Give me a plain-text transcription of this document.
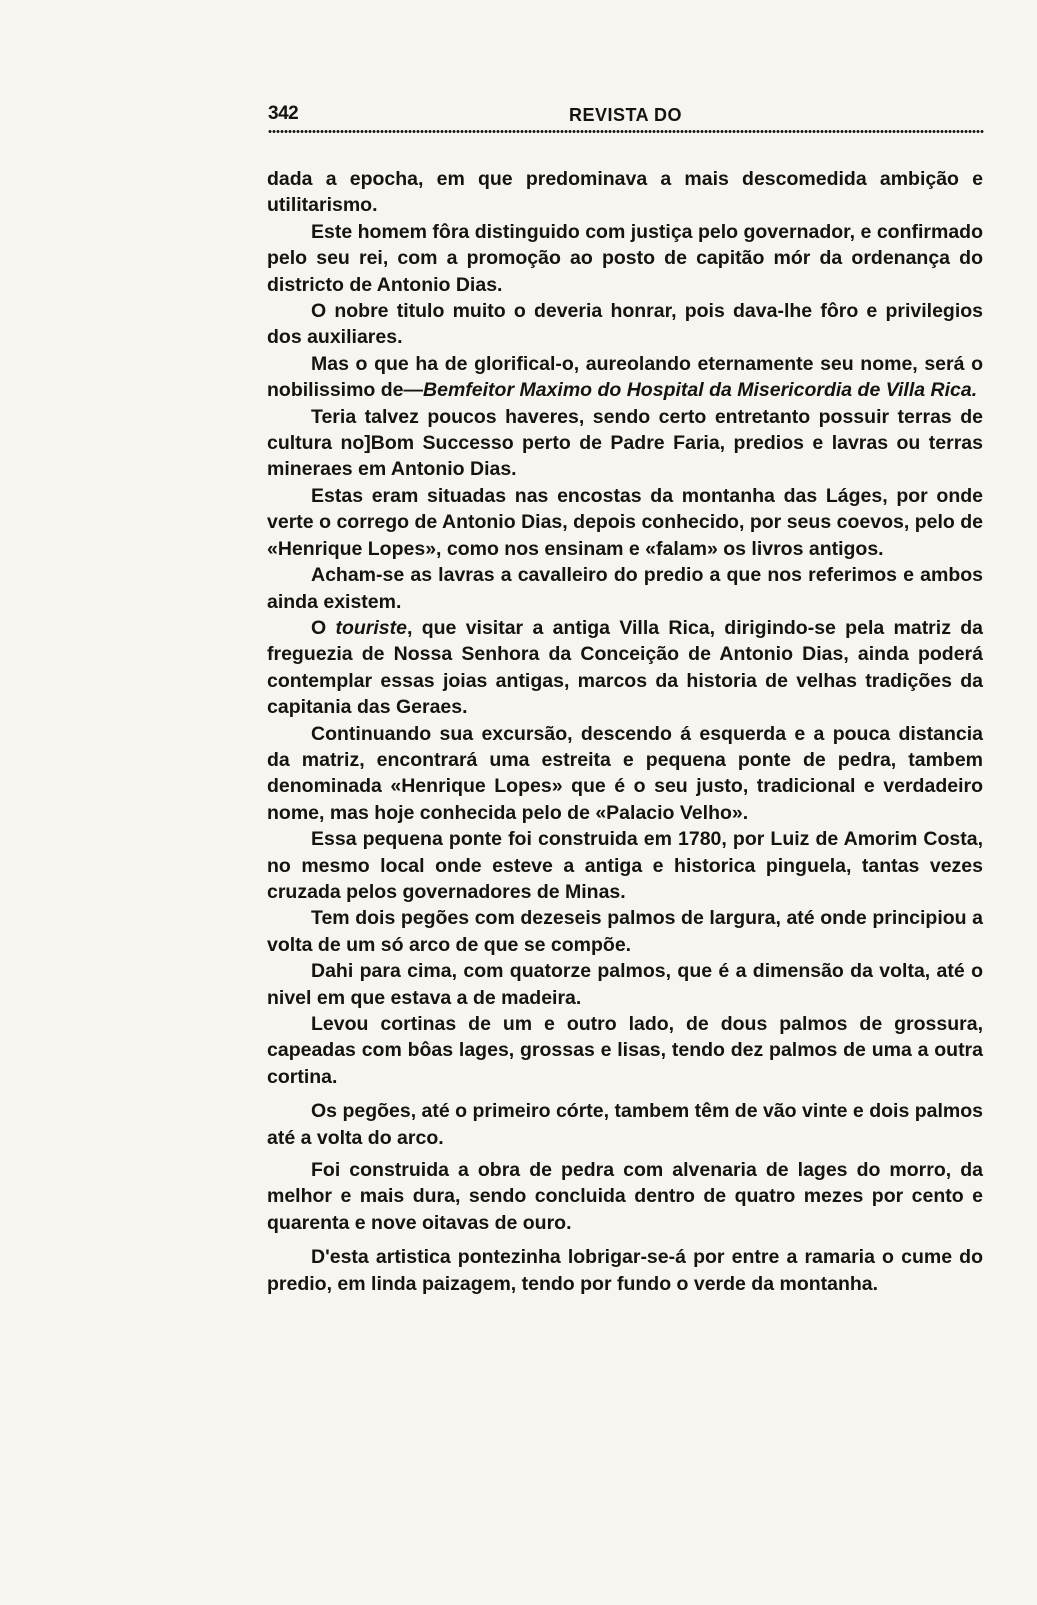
342	REVISTA DO

dada a epocha, em que predominava a mais descomedida ambição e utilitarismo.

Este homem fôra distinguido com justiça pelo governador, e confirmado pelo seu rei, com a promoção ao posto de capitão mór da ordenança do districto de Antonio Dias.

O nobre titulo muito o deveria honrar, pois dava-lhe fôro e privilegios dos auxiliares.

Mas o que ha de glorifical-o, aureolando eternamente seu nome, será o nobilissimo de—Bemfeitor Maximo do Hospital da Misericordia de Villa Rica.

Teria talvez poucos haveres, sendo certo entretanto possuir terras de cultura no]Bom Successo perto de Padre Faria, predios e lavras ou terras mineraes em Antonio Dias.

Estas eram situadas nas encostas da montanha das Láges, por onde verte o corrego de Antonio Dias, depois conhecido, por seus coevos, pelo de «Henrique Lopes», como nos ensinam e «falam» os livros antigos.

Acham-se as lavras a cavalleiro do predio a que nos referimos e ambos ainda existem.

O touriste, que visitar a antiga Villa Rica, dirigindo-se pela matriz da freguezia de Nossa Senhora da Conceição de Antonio Dias, ainda poderá contemplar essas joias antigas, marcos da historia de velhas tradições da capitania das Geraes.

Continuando sua excursão, descendo á esquerda e a pouca distancia da matriz, encontrará uma estreita e pequena ponte de pedra, tambem denominada «Henrique Lopes» que é o seu justo, tradicional e verdadeiro nome, mas hoje conhecida pelo de «Palacio Velho».

Essa pequena ponte foi construida em 1780, por Luiz de Amorim Costa, no mesmo local onde esteve a antiga e historica pinguela, tantas vezes cruzada pelos governadores de Minas.

Tem dois pegões com dezeseis palmos de largura, até onde principiou a volta de um só arco de que se compõe.

Dahi para cima, com quatorze palmos, que é a dimensão da volta, até o nivel em que estava a de madeira.

Levou cortinas de um e outro lado, de dous palmos de grossura, capeadas com bôas lages, grossas e lisas, tendo dez palmos de uma a outra cortina.

Os pegões, até o primeiro córte, tambem têm de vão vinte e dois palmos até a volta do arco.

Foi construida a obra de pedra com alvenaria de lages do morro, da melhor e mais dura, sendo concluida dentro de quatro mezes por cento e quarenta e nove oitavas de ouro.

D'esta artistica pontezinha lobrigar-se-á por entre a ramaria o cume do predio, em linda paizagem, tendo por fundo o verde da montanha.
